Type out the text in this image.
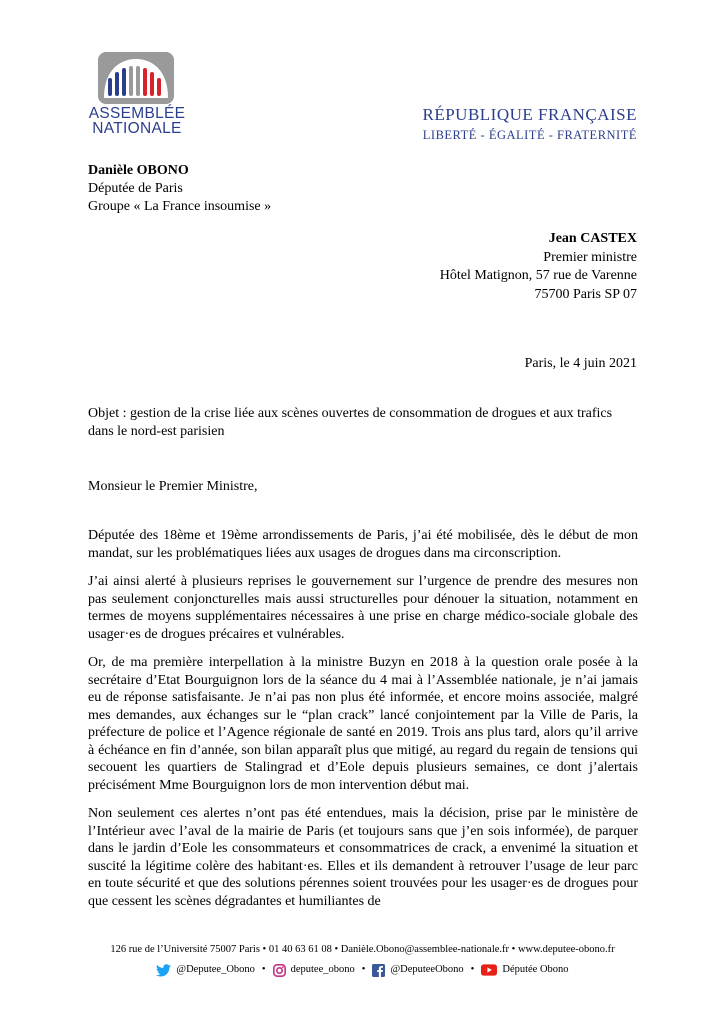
ASSEMBLÉE
NATIONALE
RÉPUBLIQUE FRANÇAISE
LIBERTÉ - ÉGALITÉ - FRATERNITÉ
Danièle OBONO
Députée de Paris
Groupe « La France insoumise »
Jean CASTEX
Premier ministre
Hôtel Matignon, 57 rue de Varenne
75700 Paris SP 07
Paris, le 4 juin 2021
Objet : gestion de la crise liée aux scènes ouvertes de consommation de drogues et aux trafics dans le nord-est parisien
Monsieur le Premier Ministre,

Députée des 18ème et 19ème arrondissements de Paris, j’ai été mobilisée, dès le début de mon mandat, sur les problématiques liées aux usages de drogues dans ma circonscription.

J’ai ainsi alerté à plusieurs reprises le gouvernement sur l’urgence de prendre des mesures non pas seulement conjoncturelles mais aussi structurelles pour dénouer la situation, notamment en termes de moyens supplémentaires nécessaires à une prise en charge médico-sociale globale des usager·es de drogues précaires et vulnérables.

Or, de ma première interpellation à la ministre Buzyn en 2018 à la question orale posée à la secrétaire d’Etat Bourguignon lors de la séance du 4 mai à l’Assemblée nationale, je n’ai jamais eu de réponse satisfaisante. Je n’ai pas non plus été informée, et encore moins associée, malgré mes demandes, aux échanges sur le “plan crack” lancé conjointement par la Ville de Paris, la préfecture de police et l’Agence régionale de santé en 2019. Trois ans plus tard, alors qu’il arrive à échéance en fin d’année, son bilan apparaît plus que mitigé, au regard du regain de tensions qui secouent les quartiers de Stalingrad et d’Eole depuis plusieurs semaines, ce dont j’alertais précisément Mme Bourguignon lors de mon intervention début mai.

Non seulement ces alertes n’ont pas été entendues, mais la décision, prise par le ministère de l’Intérieur avec l’aval de la mairie de Paris (et toujours sans que j’en sois informée), de parquer dans le jardin d’Eole les consommateurs et consommatrices de crack, a envenimé la situation et suscité la légitime colère des habitant·es. Elles et ils demandent à retrouver l’usage de leur parc en toute sécurité et que des solutions pérennes soient trouvées pour les usager·es de drogues pour que cessent les scènes dégradantes et humiliantes de

126 rue de l’Université 75007 Paris • 01 40 63 61 08 • Danièle.Obono@assemblee-nationale.fr • www.deputee-obono.fr
@Deputee_Obono • deputee_obono • @DeputeeObono •	Députée Obono
